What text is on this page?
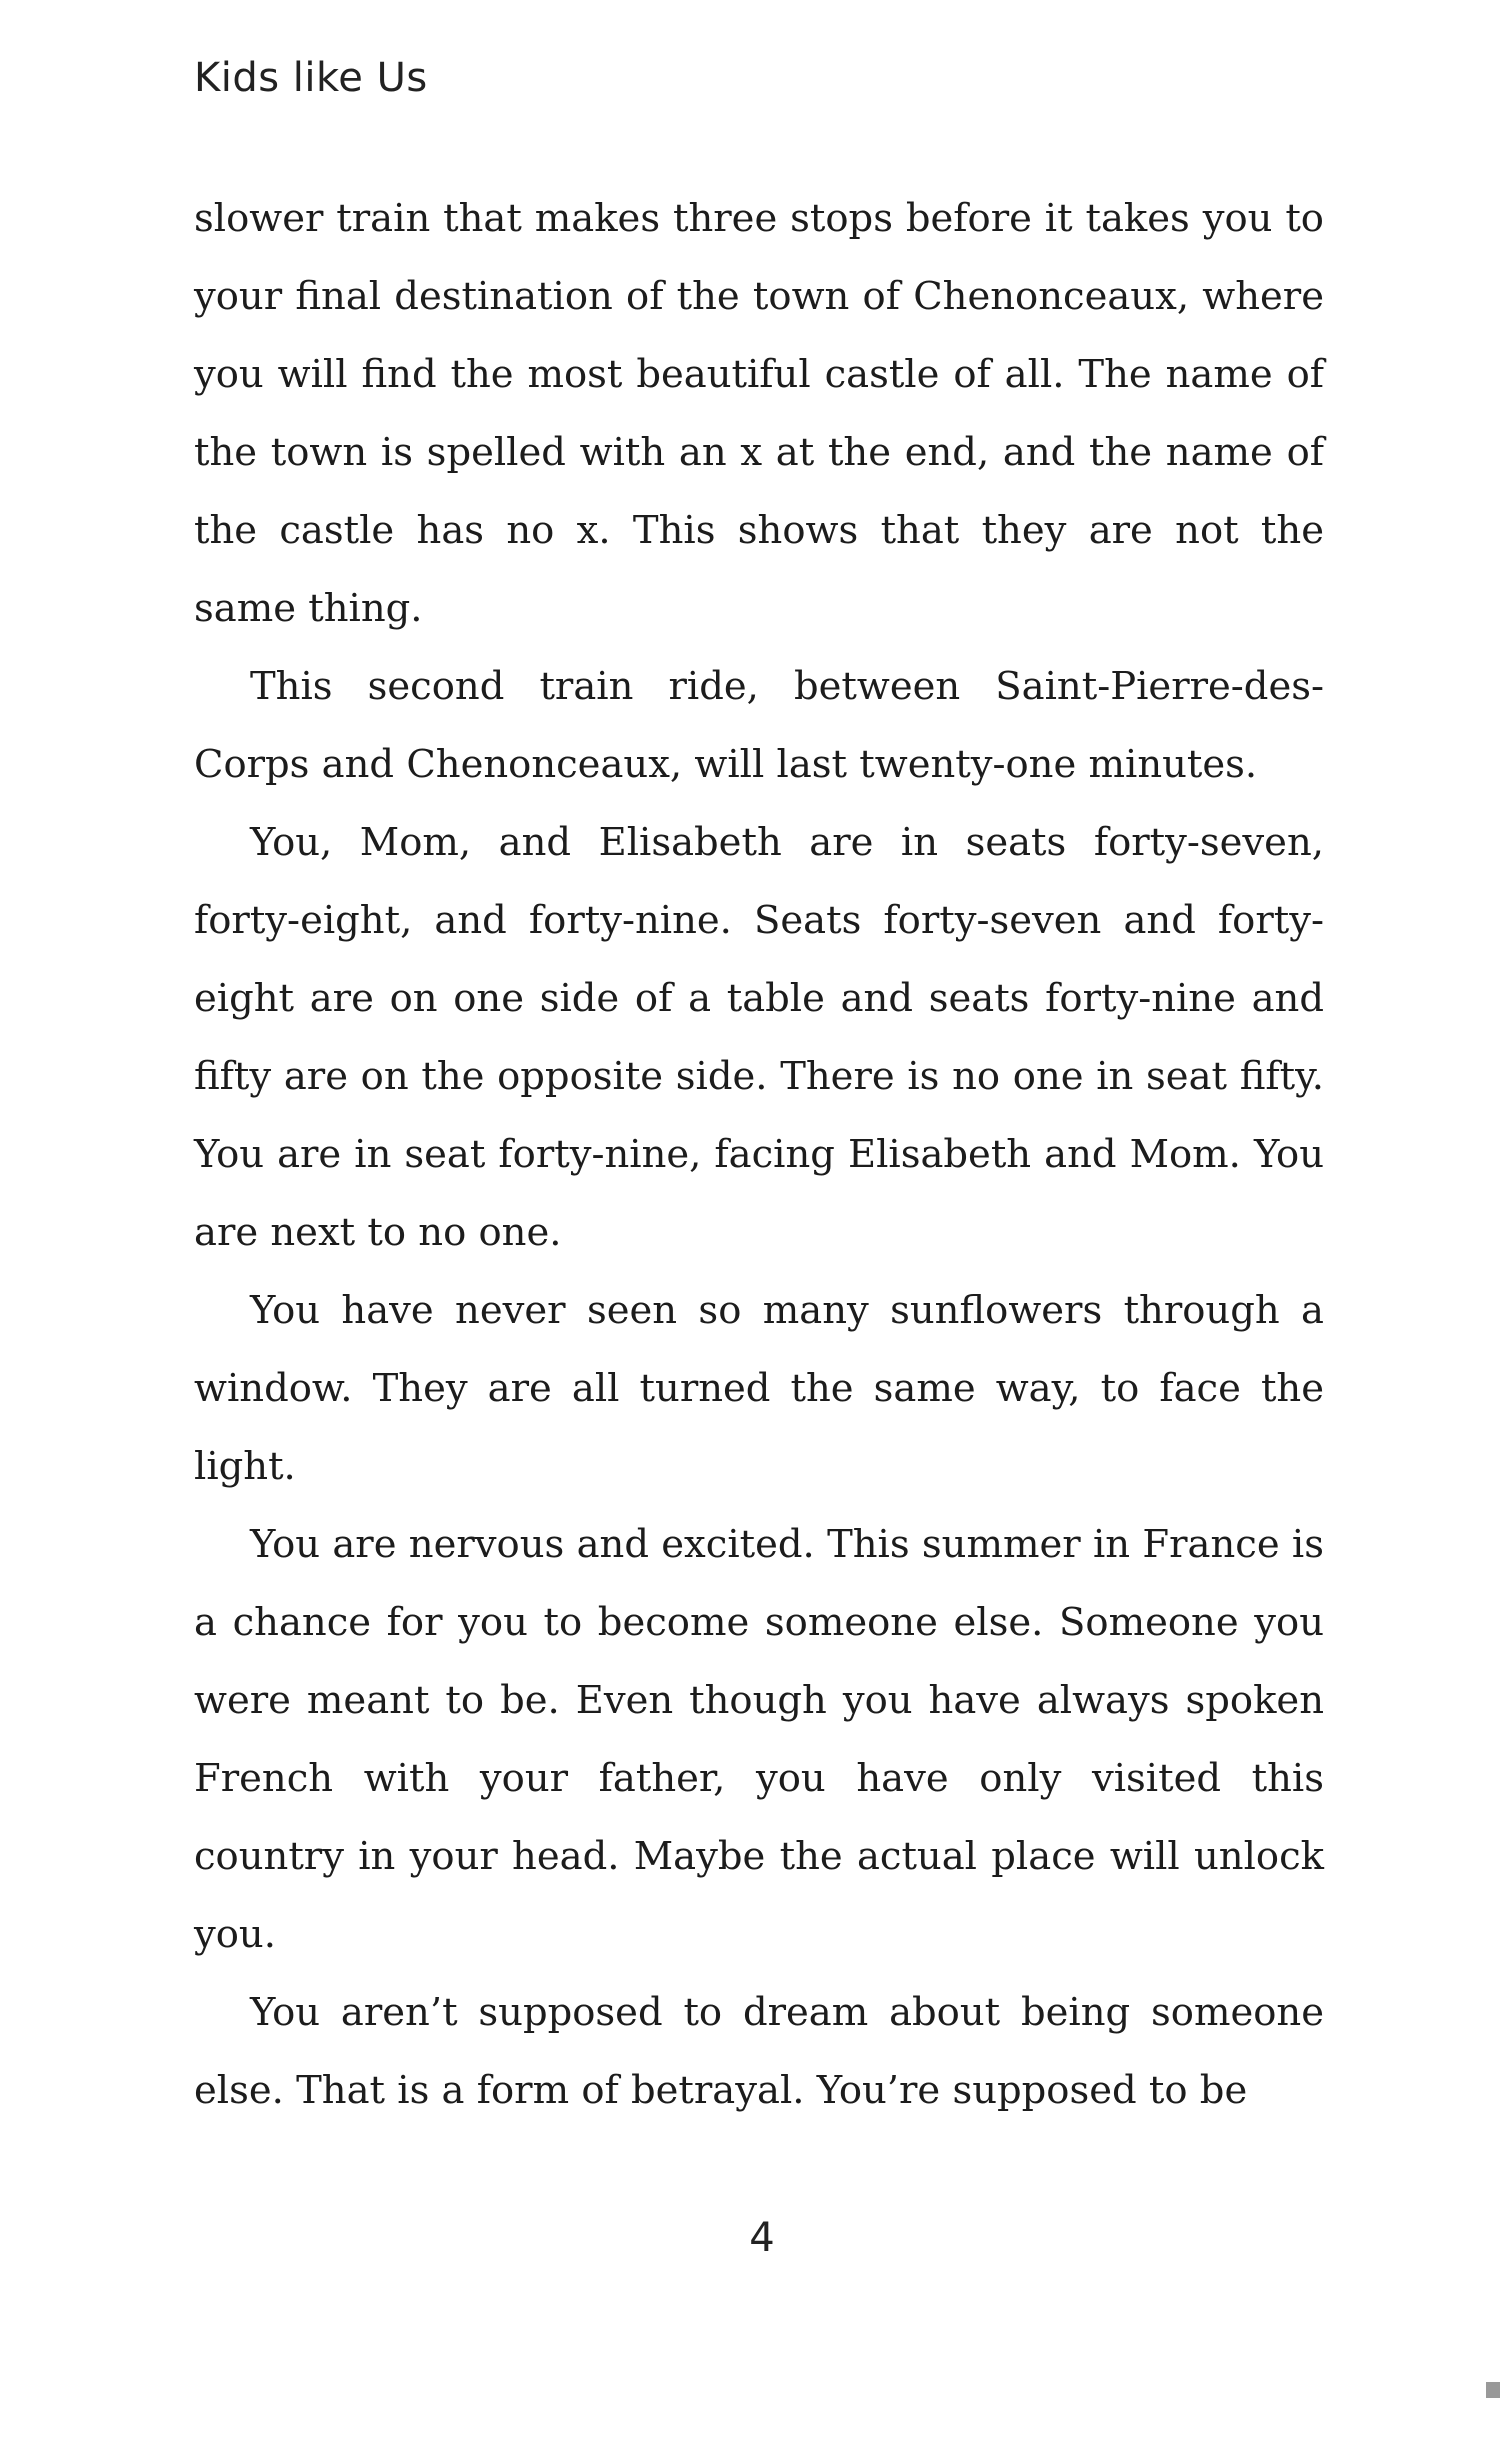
Kids like Us

slower train that makes three stops before it takes you to your final destination of the town of Chenonceaux, where you will find the most beautiful castle of all. The name of the town is spelled with an x at the end, and the name of the castle has no x. This shows that they are not the same thing.

This second train ride, between Saint-Pierre-des-Corps and Chenonceaux, will last twenty-one minutes.

You, Mom, and Elisabeth are in seats forty-seven, forty-eight, and forty-nine. Seats forty-seven and forty-eight are on one side of a table and seats forty-nine and fifty are on the opposite side. There is no one in seat fifty. You are in seat forty-nine, facing Elisabeth and Mom. You are next to no one.

You have never seen so many sunflowers through a window. They are all turned the same way, to face the light.

You are nervous and excited. This summer in France is a chance for you to become someone else. Someone you were meant to be. Even though you have always spoken French with your father, you have only visited this country in your head. Maybe the actual place will unlock you.

You aren’t supposed to dream about being someone else. That is a form of betrayal. You’re supposed to be

4
